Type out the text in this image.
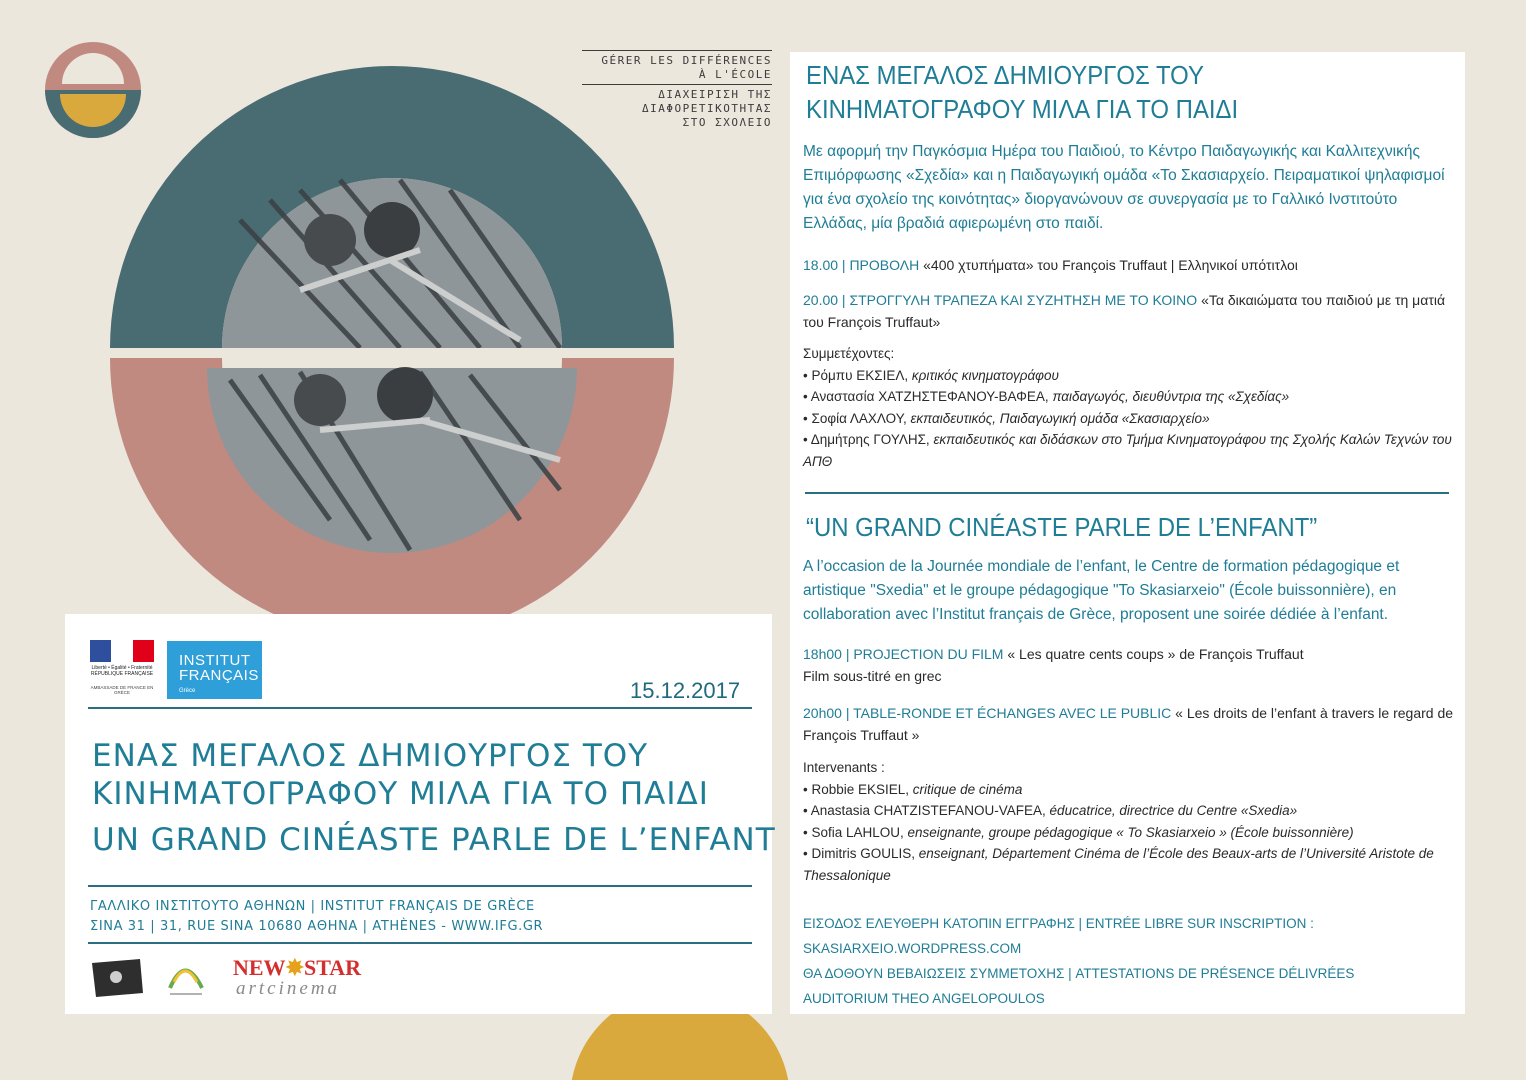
GÉRER LES DIFFÉRENCES
À L'ÉCOLE
ΔΙΑΧΕΙΡΙΣΗ ΤΗΣ
ΔΙΑΦΟΡΕΤΙΚΟΤΗΤΑΣ
ΣΤΟ ΣΧΟΛΕΙΟ
Liberté • Égalité • Fraternité RÉPUBLIQUE FRANÇAISE
AMBASSADE DE FRANCE EN GRÈCE
INSTITUT
FRANÇAIS
Grèce	15.12.2017
ΕΝΑΣ ΜΕΓΑΛΟΣ ΔΗΜΙΟΥΡΓΟΣ ΤΟΥ
ΚΙΝΗΜΑΤΟΓΡΑΦΟΥ ΜΙΛΑ ΓΙΑ ΤΟ ΠΑΙΔΙ
UN GRAND CINÉASTE PARLE DE L’ENFANT
ΓΑΛΛΙΚΟ ΙΝΣΤΙΤΟΥΤΟ ΑΘΗΝΩΝ | INSTITUT FRANÇAIS DE GRÈCE
ΣΙΝΑ 31 | 31, RUE SINA 10680 ΑΘΗΝΑ | ATHÈNES - WWW.IFG.GR
NEW✸STAR
artcinema
ΕΝΑΣ ΜΕΓΑΛΟΣ ΔΗΜΙΟΥΡΓΟΣ ΤΟΥ
ΚΙΝΗΜΑΤΟΓΡΑΦΟΥ ΜΙΛΑ ΓΙΑ ΤΟ ΠΑΙΔΙ
Με αφορμή την Παγκόσμια Ημέρα του Παιδιού, το Κέντρο Παιδαγωγικής και Καλλιτεχνικής Επιμόρφωσης «Σχεδία» και η Παιδαγωγική ομάδα «Το Σκασιαρχείο. Πειραματικοί ψηλαφισμοί για ένα σχολείο της κοινότητας» διοργανώνουν σε συνεργασία με το Γαλλικό Ινστιτούτο Ελλάδας, μία βραδιά αφιερωμένη στο παιδί.
18.00 | ΠΡΟΒΟΛΗ «400 χτυπήματα» του François Truffaut | Ελληνικοί υπότιτλοι
20.00 | ΣΤΡΟΓΓΥΛΗ ΤΡΑΠΕΖΑ ΚΑΙ ΣΥΖΗΤΗΣΗ ΜΕ ΤΟ ΚΟΙΝΟ «Τα δικαιώματα του παιδιού με τη ματιά του François Truffaut»
Συμμετέχοντες:
• Ρόμπυ ΕΚΣΙΕΛ, κριτικός κινηματογράφου
• Αναστασία ΧΑΤΖΗΣΤΕΦΑΝΟΥ-ΒΑΦΕΑ, παιδαγωγός, διευθύντρια της «Σχεδίας»
• Σοφία ΛΑΧΛΟΥ, εκπαιδευτικός, Παιδαγωγική ομάδα «Σκασιαρχείο»
• Δημήτρης ΓΟΥΛΗΣ, εκπαιδευτικός και διδάσκων στο Τμήμα Κινηματογράφου της Σχολής Καλών Τεχνών του ΑΠΘ
“UN GRAND CINÉASTE PARLE DE L’ENFANT”
A l’occasion de la Journée mondiale de l’enfant, le Centre de formation pédagogique et artistique "Sxedia" et le groupe pédagogique "To Skasiarxeio" (École buissonnière), en collaboration avec l’Institut français de Grèce, proposent une soirée dédiée à l’enfant.
18h00 | PROJECTION DU FILM « Les quatre cents coups » de François Truffaut
Film sous-titré en grec
20h00 | TABLE-RONDE ET ÉCHANGES AVEC LE PUBLIC « Les droits de l’enfant à travers le regard de François Truffaut »
Intervenants :
• Robbie EKSIEL, critique de cinéma
• Anastasia CHATZISTEFANOU-VAFEA, éducatrice, directrice du Centre «Sxedia»
• Sofia LAHLOU, enseignante, groupe pédagogique « To Skasiarxeio » (École buissonnière)
• Dimitris GOULIS, enseignant, Département Cinéma de l’École des Beaux-arts de l’Université Aristote de Thessalonique
ΕΙΣΟΔΟΣ ΕΛΕΥΘΕΡΗ ΚΑΤΟΠΙΝ ΕΓΓΡΑΦΗΣ | ENTRÉE LIBRE SUR INSCRIPTION :
SKASIARXEIO.WORDPRESS.COM
ΘΑ ΔΟΘΟΥΝ ΒΕΒΑΙΩΣΕΙΣ ΣΥΜΜΕΤΟΧΗΣ | ATTESTATIONS DE PRÉSENCE DÉLIVRÉES
AUDITORIUM THEO ANGELOPOULOS
